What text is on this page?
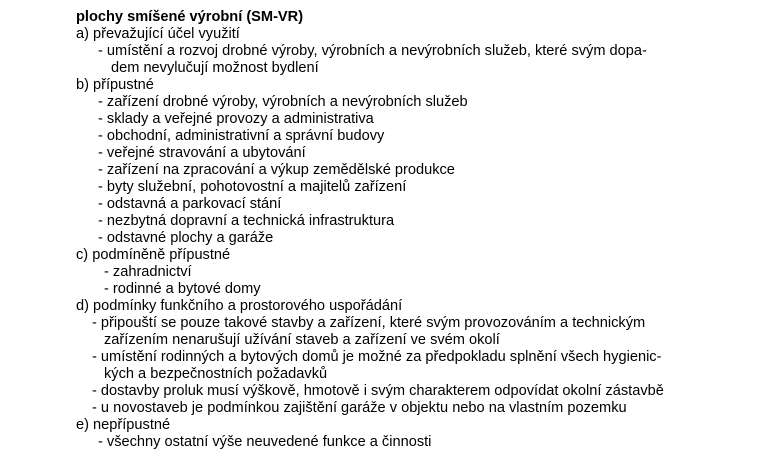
plochy smíšené výrobní (SM-VR)
a) převažující účel využití
- umístění a rozvoj drobné výroby, výrobních a nevýrobních služeb, které svým dopa-
dem nevylučují možnost bydlení
b) přípustné
- zařízení drobné výroby, výrobních a nevýrobních služeb
- sklady a veřejné provozy a administrativa
- obchodní, administrativní a správní budovy
- veřejné stravování a ubytování
- zařízení na zpracování a výkup zemědělské produkce
- byty služební, pohotovostní a majitelů zařízení
- odstavná a parkovací stání
- nezbytná dopravní a technická infrastruktura
- odstavné plochy a garáže
c) podmíněně přípustné
- zahradnictví
- rodinné a bytové domy
d) podmínky funkčního a prostorového uspořádání
- připouští se pouze takové stavby a zařízení, které svým provozováním a technickým
zařízením nenarušují užívání staveb a zařízení ve svém okolí
- umístění rodinných a bytových domů je možné za předpokladu splnění všech hygienic-
kých a bezpečnostních požadavků
- dostavby proluk musí výškově, hmotově i svým charakterem odpovídat okolní zástavbě
- u novostaveb je podmínkou zajištění garáže v objektu nebo na vlastním pozemku
e) nepřípustné
- všechny ostatní výše neuvedené funkce a činnosti
